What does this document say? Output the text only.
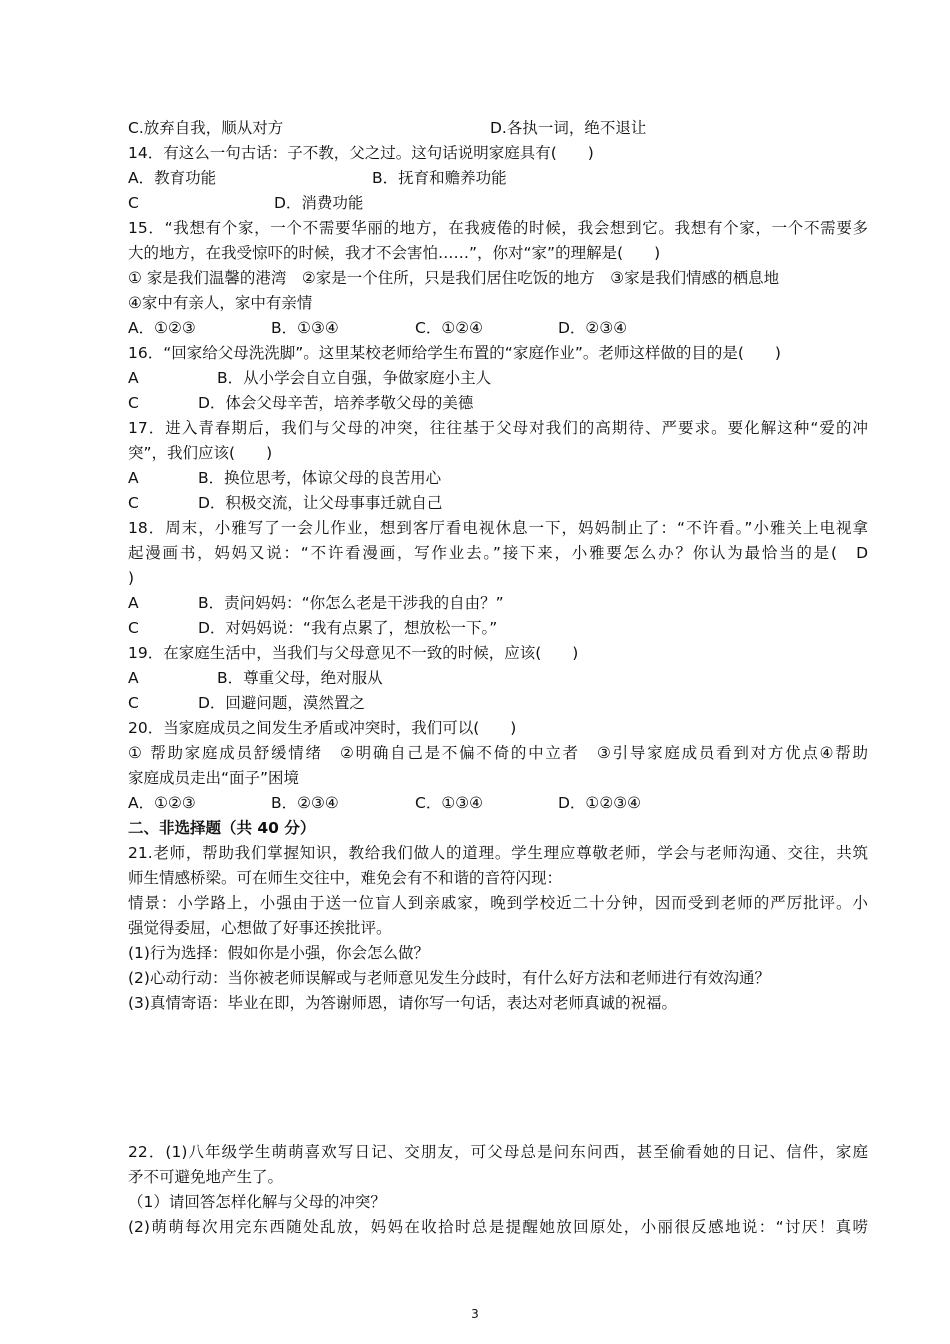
C.放弃自我，顺从对方	D.各执一词，绝不退让
14．有这么一句古话：子不教，父之过。这句话说明家庭具有(　　)
A．教育功能	B．抚育和赡养功能
C	D．消费功能
15．“我想有个家，一个不需要华丽的地方，在我疲倦的时候，我会想到它。我想有个家，一个不需要多
大的地方，在我受惊吓的时候，我才不会害怕……”，你对“家”的理解是(　　)
① 家是我们温馨的港湾　②家是一个住所，只是我们居住吃饭的地方　③家是我们情感的栖息地
④家中有亲人，家中有亲情
A．①②③	B．①③④	C．①②④	D．②③④
16．“回家给父母洗洗脚”。这里某校老师给学生布置的“家庭作业”。老师这样做的目的是(　　)
A	B．从小学会自立自强，争做家庭小主人
C	D．体会父母辛苦，培养孝敬父母的美德
17．进入青春期后，我们与父母的冲突，往往基于父母对我们的高期待、严要求。要化解这种“爱的冲
突”，我们应该(　　)
A	B．换位思考，体谅父母的良苦用心
C	D．积极交流，让父母事事迁就自己
18．周末，小雅写了一会儿作业，想到客厅看电视休息一下，妈妈制止了：“不许看。”小雅关上电视拿
起漫画书，妈妈又说：“不许看漫画，写作业去。”接下来，小雅要怎么办？你认为最恰当的是(　D
)
A	B．责问妈妈：“你怎么老是干涉我的自由？”
C	D．对妈妈说：“我有点累了，想放松一下。”
19．在家庭生活中，当我们与父母意见不一致的时候，应该(　　)
A	B．尊重父母，绝对服从
C	D．回避问题，漠然置之
20．当家庭成员之间发生矛盾或冲突时，我们可以(　　)
① 帮助家庭成员舒缓情绪　②明确自己是不偏不倚的中立者　③引导家庭成员看到对方优点④帮助
家庭成员走出“面子”困境
A．①②③	B．②③④	C．①③④	D．①②③④
二、非选择题（共 40 分）
21.老师，帮助我们掌握知识，教给我们做人的道理。学生理应尊敬老师，学会与老师沟通、交往，共筑
师生情感桥梁。可在师生交往中，难免会有不和谐的音符闪现：
情景：小学路上，小强由于送一位盲人到亲戚家，晚到学校近二十分钟，因而受到老师的严厉批评。小
强觉得委屈，心想做了好事还挨批评。
(1)行为选择：假如你是小强，你会怎么做？
(2)心动行动：当你被老师误解或与老师意见发生分歧时，有什么好方法和老师进行有效沟通？
(3)真情寄语：毕业在即，为答谢师恩，请你写一句话，表达对老师真诚的祝福。
22．(1)八年级学生萌萌喜欢写日记、交朋友，可父母总是问东问西，甚至偷看她的日记、信件，家庭
矛不可避免地产生了。
（1）请回答怎样化解与父母的冲突？
(2)萌萌每次用完东西随处乱放，妈妈在收拾时总是提醒她放回原处，小丽很反感地说：“讨厌！真唠
3
